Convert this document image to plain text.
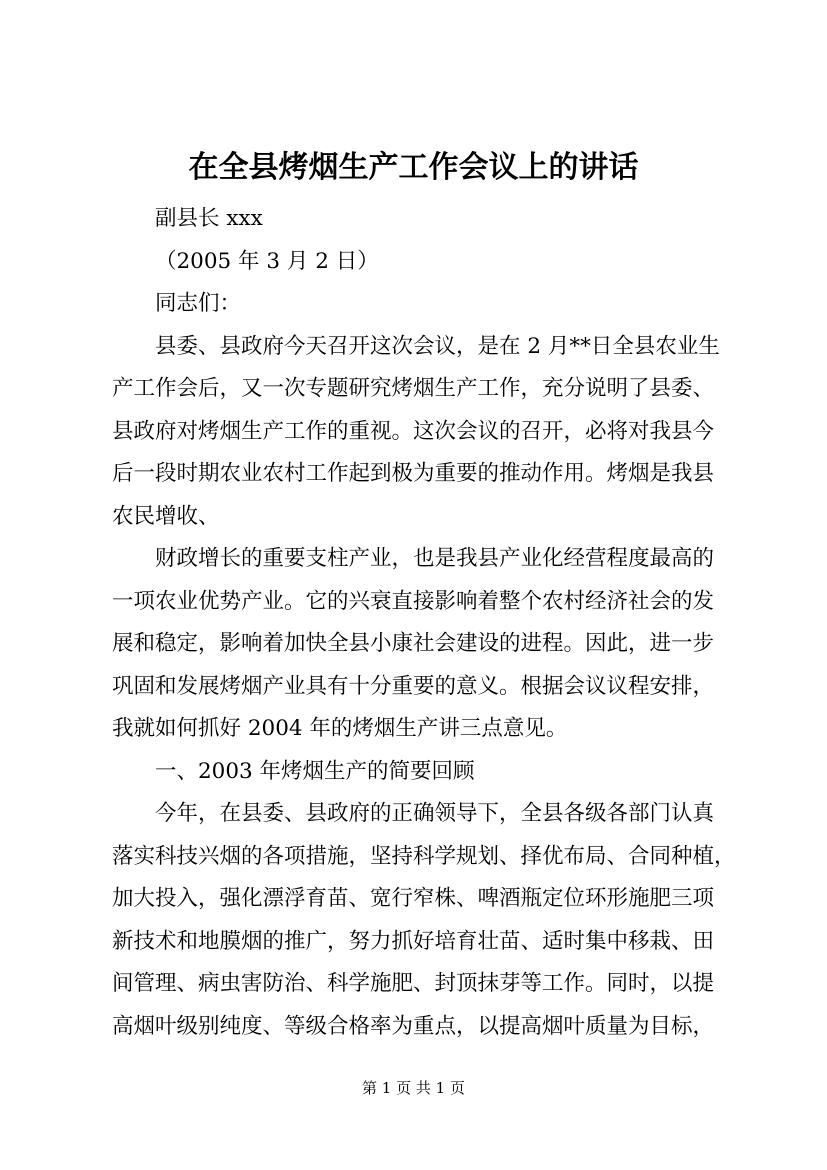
在全县烤烟生产工作会议上的讲话
副县长 xxx
（2005 年 3 月 2 日）
同志们：
县委、县政府今天召开这次会议，是在 2 月**日全县农业生
产工作会后，又一次专题研究烤烟生产工作，充分说明了县委、
县政府对烤烟生产工作的重视。这次会议的召开，必将对我县今
后一段时期农业农村工作起到极为重要的推动作用。烤烟是我县
农民增收、
财政增长的重要支柱产业，也是我县产业化经营程度最高的
一项农业优势产业。它的兴衰直接影响着整个农村经济社会的发
展和稳定，影响着加快全县小康社会建设的进程。因此，进一步
巩固和发展烤烟产业具有十分重要的意义。根据会议议程安排，
我就如何抓好 2004 年的烤烟生产讲三点意见。
一、2003 年烤烟生产的简要回顾
今年，在县委、县政府的正确领导下，全县各级各部门认真
落实科技兴烟的各项措施，坚持科学规划、择优布局、合同种植，
加大投入，强化漂浮育苗、宽行窄株、啤酒瓶定位环形施肥三项
新技术和地膜烟的推广，努力抓好培育壮苗、适时集中移栽、田
间管理、病虫害防治、科学施肥、封顶抹芽等工作。同时，以提
高烟叶级别纯度、等级合格率为重点，以提高烟叶质量为目标，
第 1 页 共 1 页
